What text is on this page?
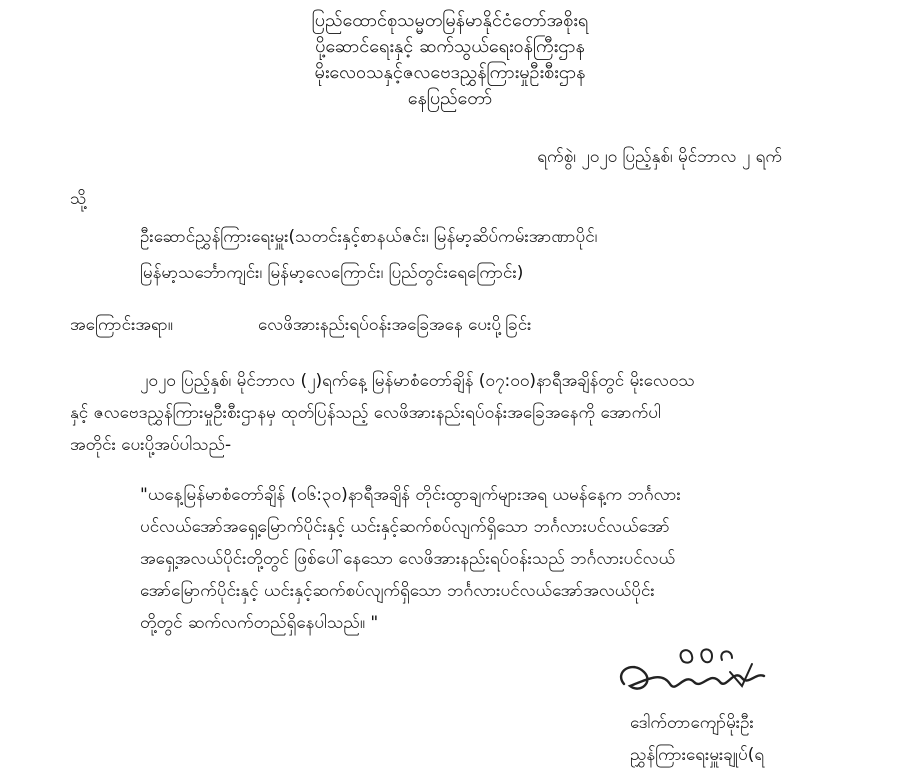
ပြည်ထောင်စုသမ္မတမြန်မာနိုင်ငံတော်အစိုးရ
ပို့ဆောင်ရေးနှင့် ဆက်သွယ်ရေးဝန်ကြီးဌာန
မိုးလေဝသနှင့်ဇလဗေဒညွှန်ကြားမှုဦးစီးဌာန
နေပြည်တော်
ရက်စွဲ၊ ၂၀၂၀ ပြည့်နှစ်၊ မိုင်ဘာလ ၂ ရက်
သို့
ဦးဆောင်ညွှန်ကြားရေးမှူး(သတင်းနှင့်စာနယ်ဇင်း၊ မြန်မာ့ဆိပ်ကမ်းအာဏာပိုင်၊
မြန်မာ့သင်္ဘောကျင်း၊ မြန်မာ့လေကြောင်း၊ ပြည်တွင်းရေကြောင်း)
အကြောင်းအရာ။	လေဖိအားနည်းရပ်ဝန်းအခြေအနေ ပေးပို့ခြင်း
၂၀၂၀ ပြည့်နှစ်၊ မိုင်ဘာလ (၂)ရက်နေ့ မြန်မာစံတော်ချိန် (၀၇:၀၀)နာရီအချိန်တွင် မိုးလေဝသ
နှင့် ဇလဗေဒညွှန်ကြားမှုဦးစီးဌာနမှ ထုတ်ပြန်သည့် လေဖိအားနည်းရပ်ဝန်းအခြေအနေကို အောက်ပါ
အတိုင်း ပေးပို့အပ်ပါသည်-
"ယနေ့မြန်မာစံတော်ချိန် (၀၆:၃၀)နာရီအချိန် တိုင်းထွာချက်များအရ ယမန်နေ့က ဘင်္ဂလား
ပင်လယ်အော်အရှေ့မြောက်ပိုင်းနှင့် ယင်းနှင့်ဆက်စပ်လျက်ရှိသော ဘင်္ဂလားပင်လယ်အော်
အရှေ့အလယ်ပိုင်းတို့တွင် ဖြစ်ပေါ်နေသော လေဖိအားနည်းရပ်ဝန်းသည် ဘင်္ဂလားပင်လယ်
အော်မြောက်ပိုင်းနှင့် ယင်းနှင့်ဆက်စပ်လျက်ရှိသော ဘင်္ဂလားပင်လယ်အော်အလယ်ပိုင်း
တို့တွင် ဆက်လက်တည်ရှိနေပါသည်။ "
ဒေါက်တာကျော်မိုးဦး
ညွှန်ကြားရေးမှူးချုပ်(ရ
